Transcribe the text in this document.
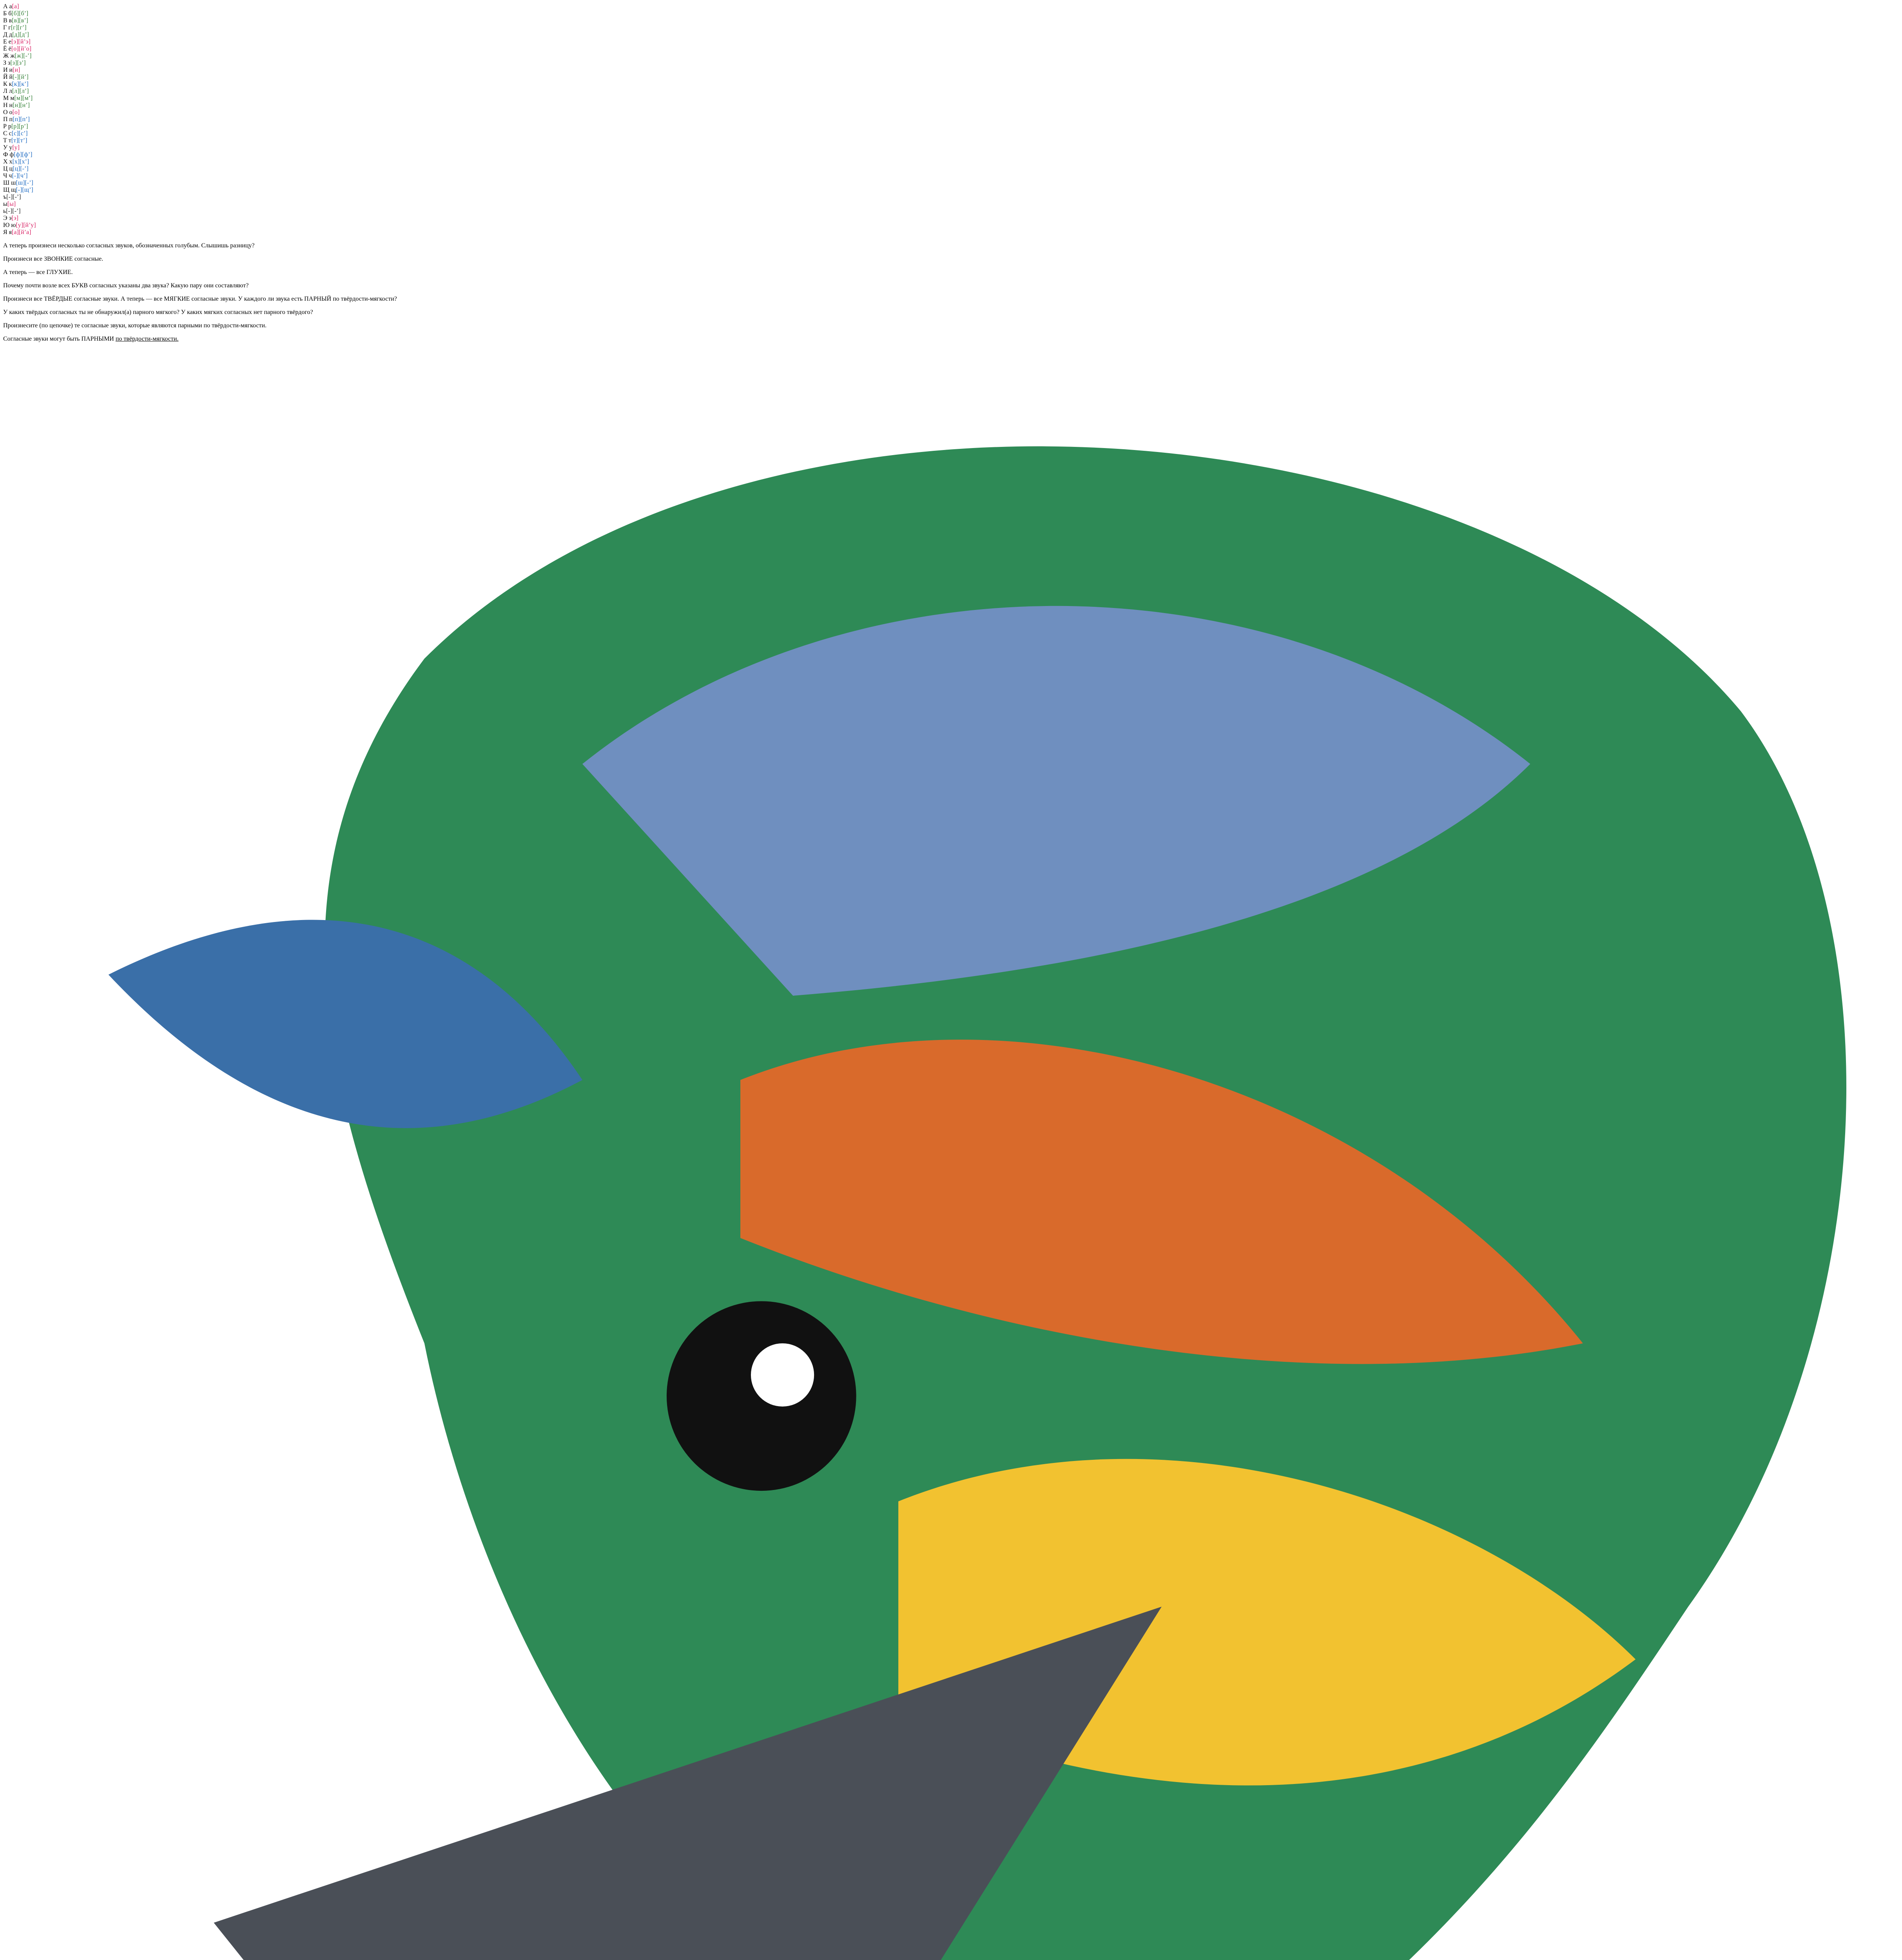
А а[а]
Б б[б][б’]
В в[в][в’]
Г г[г][г’]
Д д[д][д’]
Е е[э][й’э]
Ё ё[о][й’о]
Ж ж[ж][-’]
З з[з][з’]
И и[и]
Й й[-][й’]
К к[к][к’]
Л л[л][л’]
М м[м][м’]
Н н[н][н’]
О о[о]
П п[п][п’]
Р р[р][р’]
С с[с][с’]
Т т[т][т’]
У у[у]
Ф ф[ф][ф’]
Х х[х][х’]
Ц ц[ц][-’]
Ч ч[-][ч’]
Ш ш[ш][-’]
Щ щ[-][щ’]
ъ[-][-’]
ы[ы]
ь[-][-’]
Э э[э]
Ю ю[у][й’у]
Я я[а][й’а]

А теперь произнеси несколько согласных звуков, обозначенных голубым. Слышишь разницу?

Произнеси все ЗВОНКИЕ согласные.

А теперь — все ГЛУХИЕ.

Почему почти возле всех БУКВ согласных указаны два звука? Какую пару они составляют?

Произнеси все ТВЁРДЫЕ согласные звуки. А теперь — все МЯГКИЕ согласные звуки. У каждого ли звука есть ПАРНЫЙ по твёрдости-мягкости?

У каких твёрдых согласных ты не обнаружил(а) парного мягкого? У каких мягких согласных нет парного твёрдого?

Произнесите (по цепочке) те согласные звуки, которые являются парными по твёрдости-мягкости.

Согласные звуки могут быть ПАРНЫМИ по твёрдости-мягкости.
